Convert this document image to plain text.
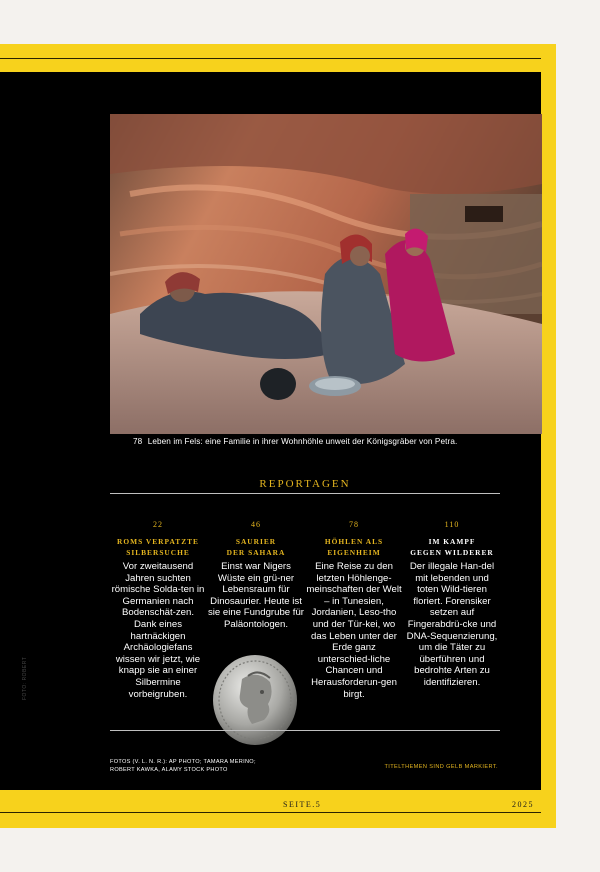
78 Leben im Fels: eine Familie in ihrer Wohnhöhle unweit der Königsgräber von Petra.
REPORTAGEN
22
ROMS VERPATZTE
SILBERSUCHE
Vor zweitausend Jahren suchten römische Solda-ten in Germanien nach Bodenschät-zen. Dank eines hartnäckigen Archäologiefans wissen wir jetzt, wie knapp sie an einer Silbermine vorbeigruben.
46
SAURIER
DER SAHARA
Einst war Nigers Wüste ein grü-ner Lebensraum für Dinosaurier. Heute ist sie eine Fundgrube für Paläontologen.
78
HÖHLEN ALS
EIGENHEIM
Eine Reise zu den letzten Höhlenge-meinschaften der Welt – in Tunesien, Jordanien, Leso-tho und der Tür-kei, wo das Leben unter der Erde ganz unterschied-liche Chancen und Herausforderun-gen birgt.
110
IM KAMPF
GEGEN WILDERER
Der illegale Han-del mit lebenden und toten Wild-tieren floriert. Forensiker setzen auf Fingerabdrü-cke und DNA-Sequenzierung, um die Täter zu überführen und bedrohte Arten zu identifizieren.
FOTOS (V. L. N. R.): AP PHOTO; TAMARA MERINO;
ROBERT KAWKA, ALAMY STOCK PHOTO	TITELTHEMEN SIND GELB MARKIERT.
FOTO: ROBERT
SEITE.5	2025
